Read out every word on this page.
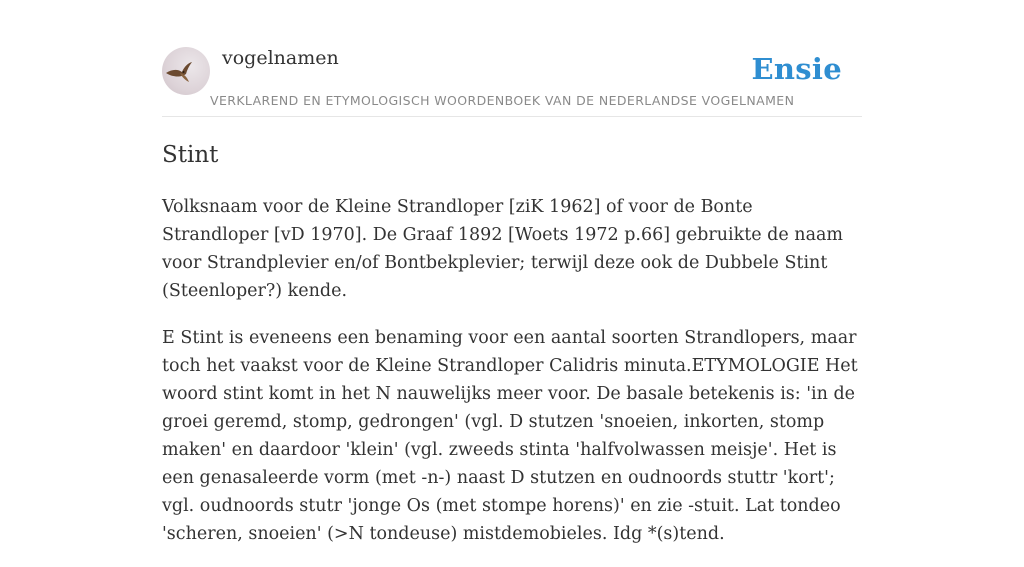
vogelnamen	Ensie
VERKLAREND EN ETYMOLOGISCH WOORDENBOEK VAN DE NEDERLANDSE VOGELNAMEN
Stint

Volksnaam voor de Kleine Strandloper [ziK 1962] of voor de Bonte Strandloper [vD 1970]. De Graaf 1892 [Woets 1972 p.66] gebruikte de naam voor Strandplevier en/of Bontbekplevier; terwijl deze ook de Dubbele Stint (Steenloper?) kende.

E Stint is eveneens een benaming voor een aantal soorten Strandlopers, maar toch het vaakst voor de Kleine Strandloper Calidris minuta.ETYMOLOGIE Het woord stint komt in het N nauwelijks meer voor. De basale betekenis is: 'in de groei geremd, stomp, gedrongen' (vgl. D stutzen 'snoeien, inkorten, stomp maken' en daardoor 'klein' (vgl. zweeds stinta 'halfvolwassen meisje'. Het is een genasaleerde vorm (met -n-) naast D stutzen en oudnoords stuttr 'kort'; vgl. oudnoords stutr 'jonge Os (met stompe horens)' en zie -stuit. Lat tondeo 'scheren, snoeien' (>N tondeuse) mistdemobieles. Idg *(s)tend.
